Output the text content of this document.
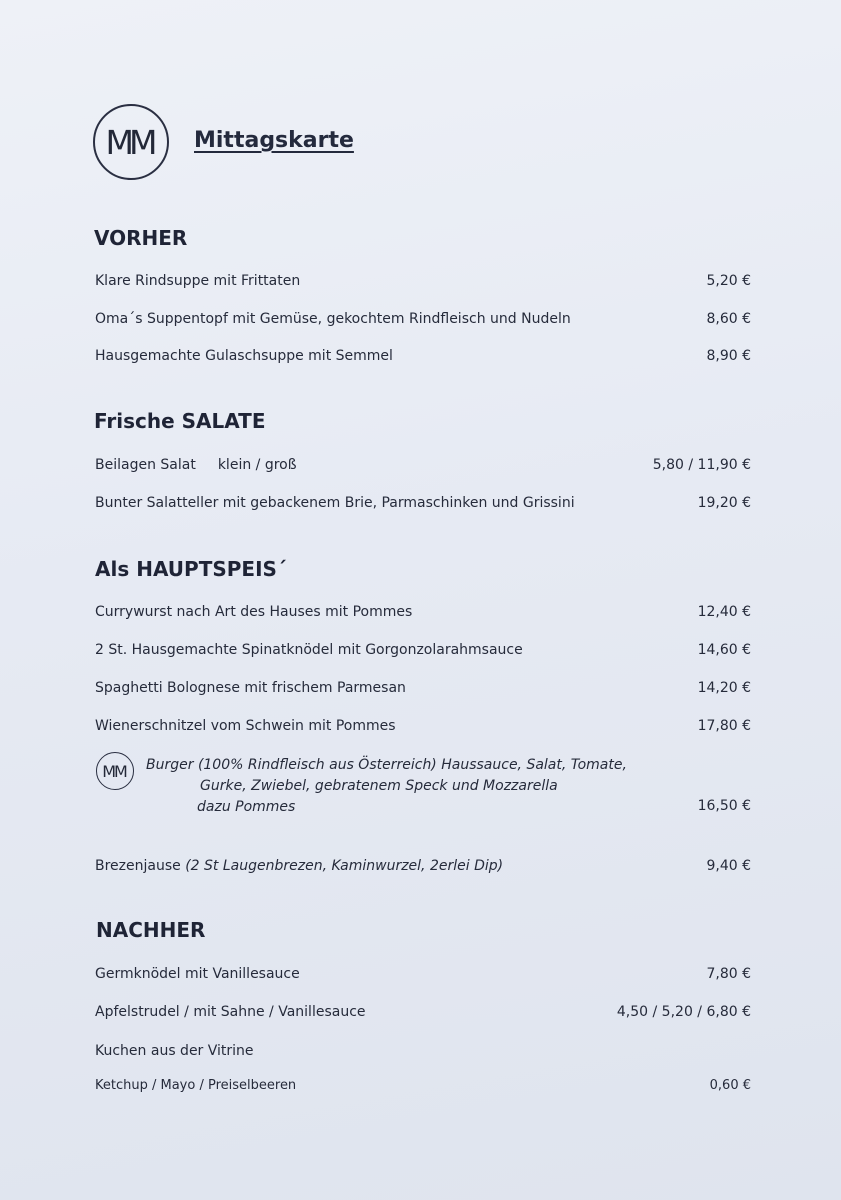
MM	Mittagskarte
VORHER
Klare Rindsuppe mit Frittaten	5,20 €
Oma´s Suppentopf mit Gemüse, gekochtem Rindfleisch und Nudeln	8,60 €
Hausgemachte Gulaschsuppe mit Semmel	8,90 €
Frische SALATE
Beilagen Salat klein / groß	5,80 / 11,90 €
Bunter Salatteller mit gebackenem Brie, Parmaschinken und Grissini	19,20 €
Als HAUPTSPEIS´
Currywurst nach Art des Hauses mit Pommes	12,40 €
2 St. Hausgemachte Spinatknödel mit Gorgonzolarahmsauce	14,60 €
Spaghetti Bolognese mit frischem Parmesan	14,20 €
Wienerschnitzel vom Schwein mit Pommes	17,80 €
MM	Burger (100% Rindfleisch aus Österreich) Haussauce, Salat, Tomate,
Gurke, Zwiebel, gebratenem Speck und Mozzarella
dazu Pommes	16,50 €
Brezenjause (2 St Laugenbrezen, Kaminwurzel, 2erlei Dip)	9,40 €
NACHHER
Germknödel mit Vanillesauce	7,80 €
Apfelstrudel / mit Sahne / Vanillesauce	4,50 / 5,20 / 6,80 €
Kuchen aus der Vitrine
Ketchup / Mayo / Preiselbeeren	0,60 €
